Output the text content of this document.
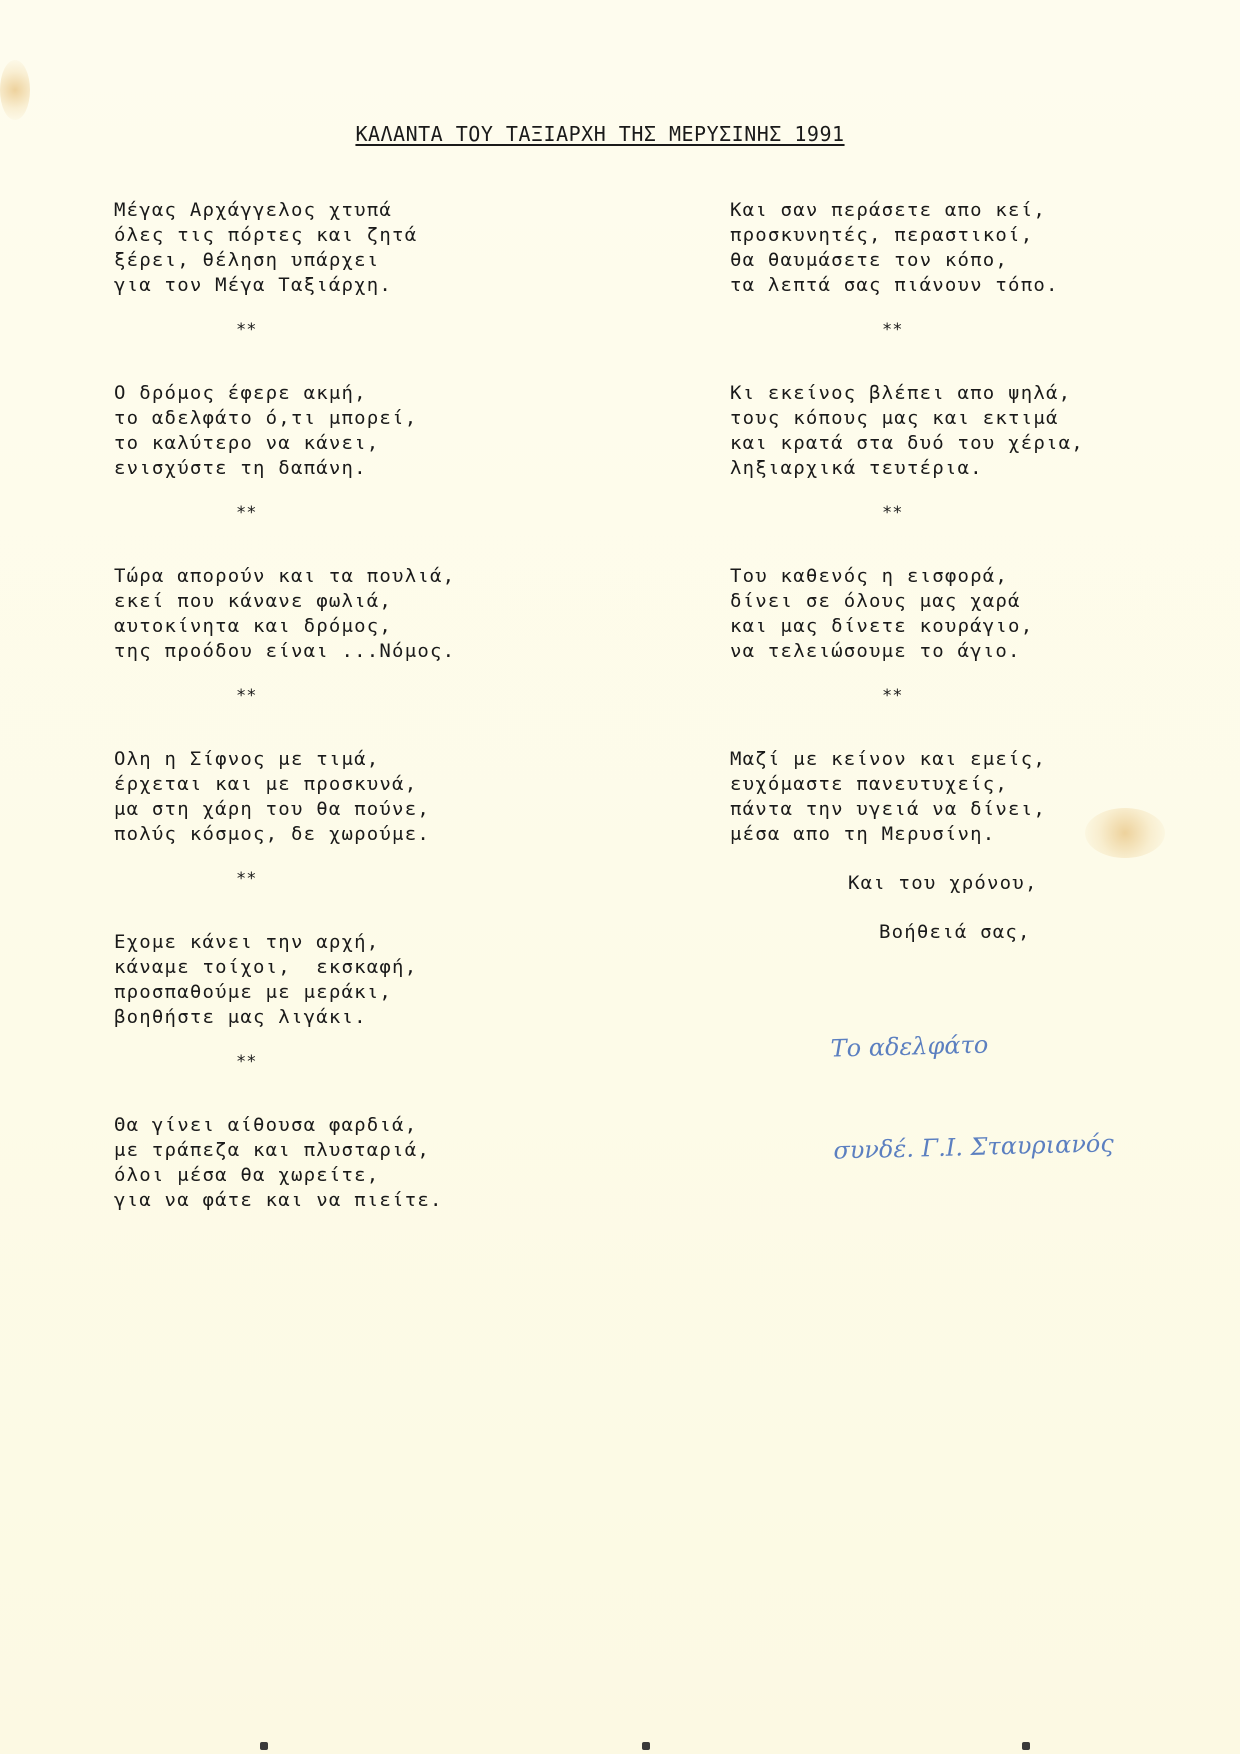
ΚΑΛΑΝΤΑ ΤΟΥ ΤΑΞΙΑΡΧΗ ΤΗΣ ΜΕΡΥΣΙΝΗΣ 1991

Μέγας Αρχάγγελος χτυπά
όλες τις πόρτες και ζητά
ξέρει, θέληση υπάρχει
για τον Μέγα Ταξιάρχη.

**

Ο δρόμος έφερε ακμή,
το αδελφάτο ό,τι μπορεί,
το καλύτερο να κάνει,
ενισχύστε τη δαπάνη.

**

Τώρα απορούν και τα πουλιά,
εκεί που κάνανε φωλιά,
αυτοκίνητα και δρόμος,
της προόδου είναι ...Νόμος.

**

Ολη η Σίφνος με τιμά,
έρχεται και με προσκυνά,
μα στη χάρη του θα πούνε,
πολύς κόσμος, δε χωρούμε.

**

Εχομε κάνει την αρχή,
κάναμε τοίχοι,  εκσκαφή,
προσπαθούμε με μεράκι,
βοηθήστε μας λιγάκι.

**

Θα γίνει αίθουσα φαρδιά,
με τράπεζα και πλυσταριά,
όλοι μέσα θα χωρείτε,
για να φάτε και να πιείτε.

Και σαν περάσετε απο κεί,
προσκυνητές, περαστικοί,
θα θαυμάσετε τον κόπο,
τα λεπτά σας πιάνουν τόπο.

**

Κι εκείνος βλέπει απο ψηλά,
τους κόπους μας και εκτιμά
και κρατά στα δυό του χέρια,
ληξιαρχικά τευτέρια.

**

Του καθενός η εισφορά,
δίνει σε όλους μας χαρά
και μας δίνετε κουράγιο,
να τελειώσουμε το άγιο.

**

Μαζί με κείνον και εμείς,
ευχόμαστε πανευτυχείς,
πάντα την υγειά να δίνει,
μέσα απο τη Μερυσίνη.

Και του χρόνου,
Βοήθειά σας,

Το αδελφάτο

συνδέ. Γ.Ι. Σταυριανός
